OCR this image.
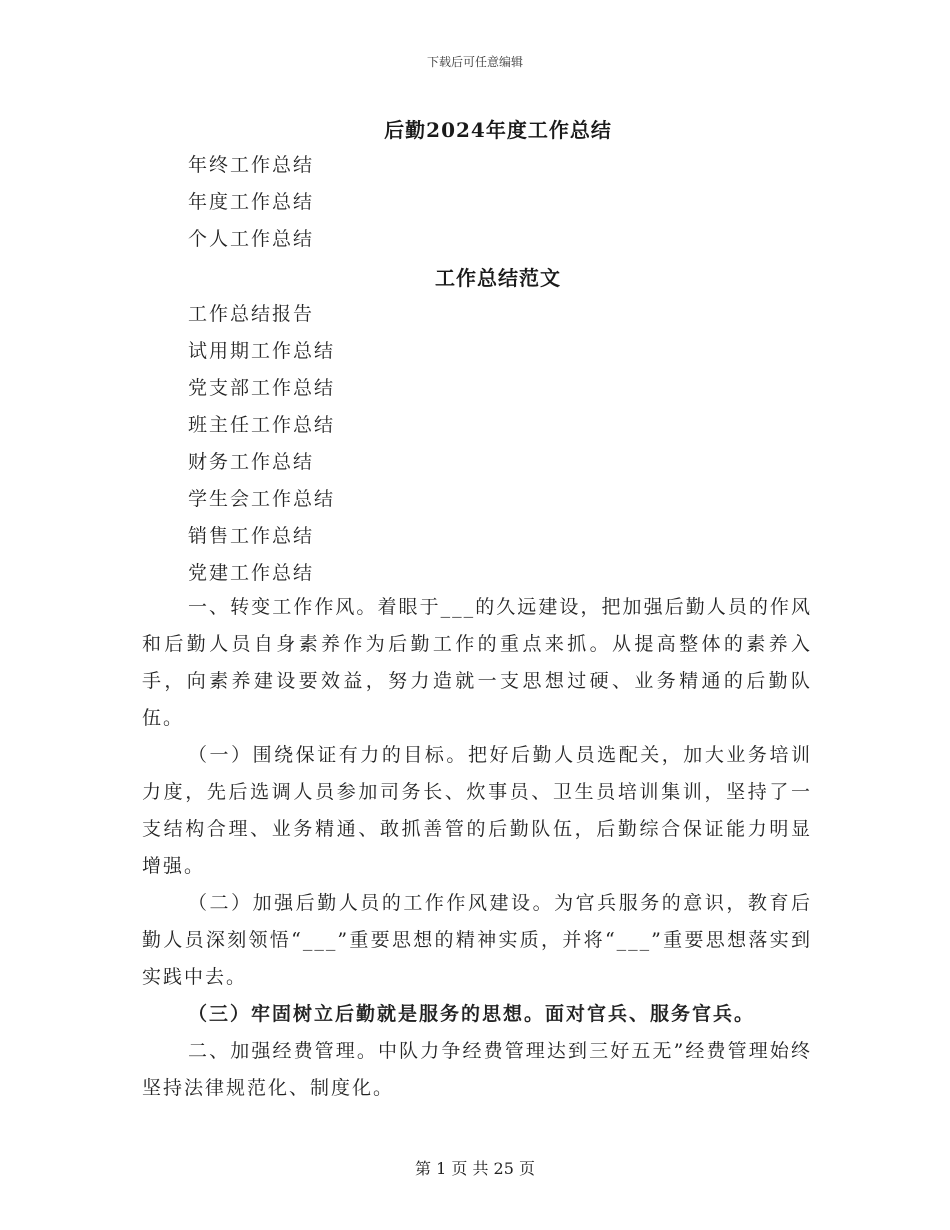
下载后可任意编辑
后勤2024年度工作总结
年终工作总结
年度工作总结
个人工作总结
工作总结范文
工作总结报告
试用期工作总结
党支部工作总结
班主任工作总结
财务工作总结
学生会工作总结
销售工作总结
党建工作总结

一、转变工作作风。着眼于___的久远建设，把加强后勤人员的作风和后勤人员自身素养作为后勤工作的重点来抓。从提高整体的素养入手，向素养建设要效益，努力造就一支思想过硬、业务精通的后勤队伍。

（一）围绕保证有力的目标。把好后勤人员选配关，加大业务培训力度，先后选调人员参加司务长、炊事员、卫生员培训集训，坚持了一支结构合理、业务精通、敢抓善管的后勤队伍，后勤综合保证能力明显增强。

（二）加强后勤人员的工作作风建设。为官兵服务的意识，教育后勤人员深刻领悟“___”重要思想的精神实质，并将“___”重要思想落实到实践中去。

（三）牢固树立后勤就是服务的思想。面对官兵、服务官兵。

二、加强经费管理。中队力争经费管理达到三好五无”经费管理始终坚持法律规范化、制度化。

第 1 页 共 25 页
